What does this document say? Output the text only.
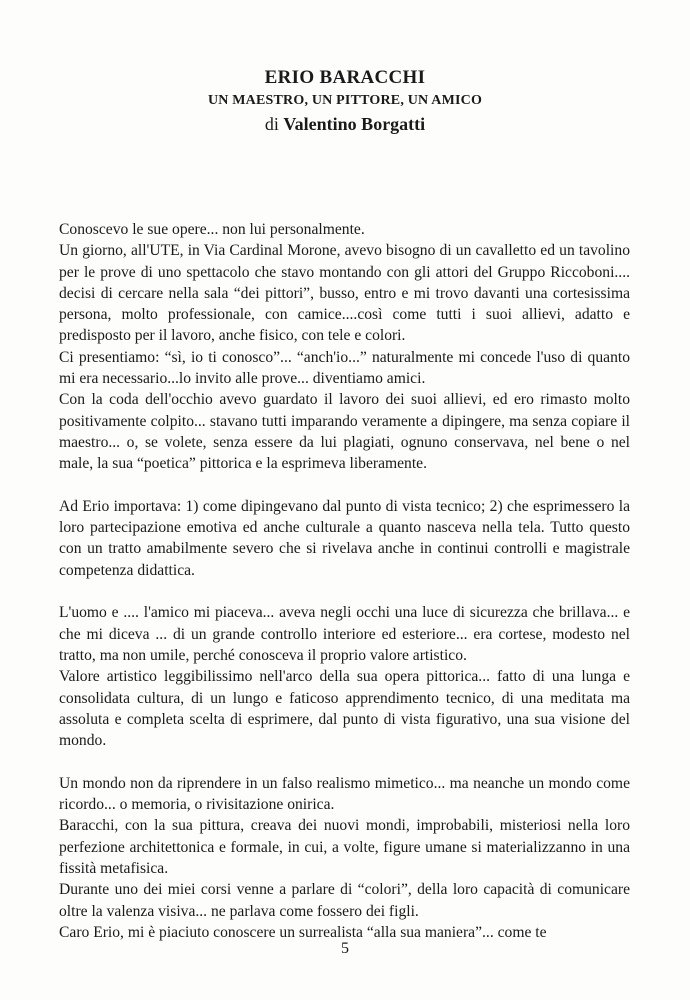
ERIO BARACCHI

UN MAESTRO, UN PITTORE, UN AMICO

di Valentino Borgatti

Conoscevo le sue opere... non lui personalmente.
Un giorno, all'UTE, in Via Cardinal Morone, avevo bisogno di un cavalletto ed un tavolino per le prove di uno spettacolo che stavo montando con gli attori del Gruppo Riccoboni.... decisi di cercare nella sala “dei pittori”, busso, entro e mi trovo davanti una cortesissima persona, molto professionale, con camice....così come tutti i suoi allievi, adatto e predisposto per il lavoro, anche fisico, con tele e colori.
Ci presentiamo: “sì, io ti conosco”... “anch'io...” naturalmente mi concede l'uso di quanto mi era necessario...lo invito alle prove... diventiamo amici.
Con la coda dell'occhio avevo guardato il lavoro dei suoi allievi, ed ero rimasto molto positivamente colpito... stavano tutti imparando veramente a dipingere, ma senza copiare il maestro... o, se volete, senza essere da lui plagiati, ognuno conservava, nel bene o nel male, la sua “poetica” pittorica e la esprimeva liberamente.
Ad Erio importava: 1) come dipingevano dal punto di vista tecnico; 2) che esprimessero la loro partecipazione emotiva ed anche culturale a quanto nasceva nella tela. Tutto questo con un tratto amabilmente severo che si rivelava anche in continui controlli e magistrale competenza didattica.
L'uomo e .... l'amico mi piaceva... aveva negli occhi una luce di sicurezza che brillava... e che mi diceva ... di un grande controllo interiore ed esteriore... era cortese, modesto nel tratto, ma non umile, perché conosceva il proprio valore artistico.
Valore artistico leggibilissimo nell'arco della sua opera pittorica... fatto di una lunga e consolidata cultura, di un lungo e faticoso apprendimento tecnico, di una meditata ma assoluta e completa scelta di esprimere, dal punto di vista figurativo, una sua visione del mondo.
Un mondo non da riprendere in un falso realismo mimetico... ma neanche un mondo come ricordo... o memoria, o rivisitazione onirica.
Baracchi, con la sua pittura, creava dei nuovi mondi, improbabili, misteriosi nella loro perfezione architettonica e formale, in cui, a volte, figure umane si materializzanno in una fissità metafisica.
Durante uno dei miei corsi venne a parlare di “colori”, della loro capacità di comunicare oltre la valenza visiva... ne parlava come fossero dei figli.
Caro Erio, mi è piaciuto conoscere un surrealista “alla sua maniera”... come te
5
